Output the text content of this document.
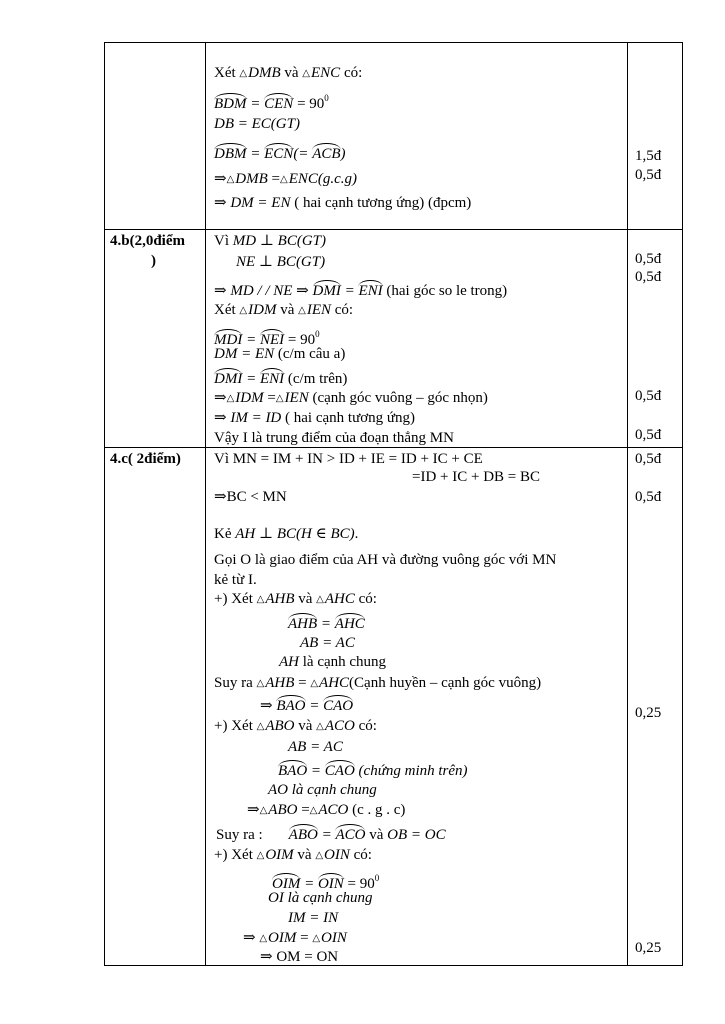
Xét △DMB và △ENC có:
BDM = CEN = $90^0$
DB = EC(GT)
DBM = ECN(= ACB)
⇒△DMB =△ENC(g.c.g)
⇒ DM = EN ( hai cạnh tương ứng) (đpcm)
1,5đ
0,5đ
4.b(2,0điểm
)
Vì MD ⊥ BC(GT)
NE ⊥ BC(GT)
⇒ MD / / NE ⇒ DMI = ENI (hai góc so le trong)
Xét △IDM và △IEN có:
MDI = NEI = $90^0$
DM = EN (c/m câu a)
DMI = ENI (c/m trên)
⇒△IDM =△IEN (cạnh góc vuông – góc nhọn)
⇒ IM = ID ( hai cạnh tương ứng)
Vậy I là trung điểm của đoạn thẳng MN
0,5đ
0,5đ
0,5đ
0,5đ
4.c( 2điểm) Vì MN = IM + IN > ID + IE = ID + IC + CE
=ID + IC + DB = BC
⇒BC < MN
Kẻ AH ⊥ BC(H ∈ BC).
Gọi O là giao điểm của AH và đường vuông góc với MN
kẻ từ I.
+) Xét △AHB và △AHC có:
AHB = AHC
AB = AC
AH là cạnh chung
Suy ra △AHB = △AHC(Cạnh huyền – cạnh góc vuông)
⇒ BAO = CAO
+) Xét △ABO và △ACO có:
AB = AC
BAO = CAO (chứng minh trên)
AO là cạnh chung
⇒△ABO =△ACO (c . g . c)
Suy ra : ABO = ACO và OB = OC
+) Xét △OIM và △OIN có:
OIM = OIN = $90^0$
OI là cạnh chung
IM = IN
⇒ △OIM = △OIN
⇒ OM = ON
0,5đ
0,5đ
0,25
0,25
